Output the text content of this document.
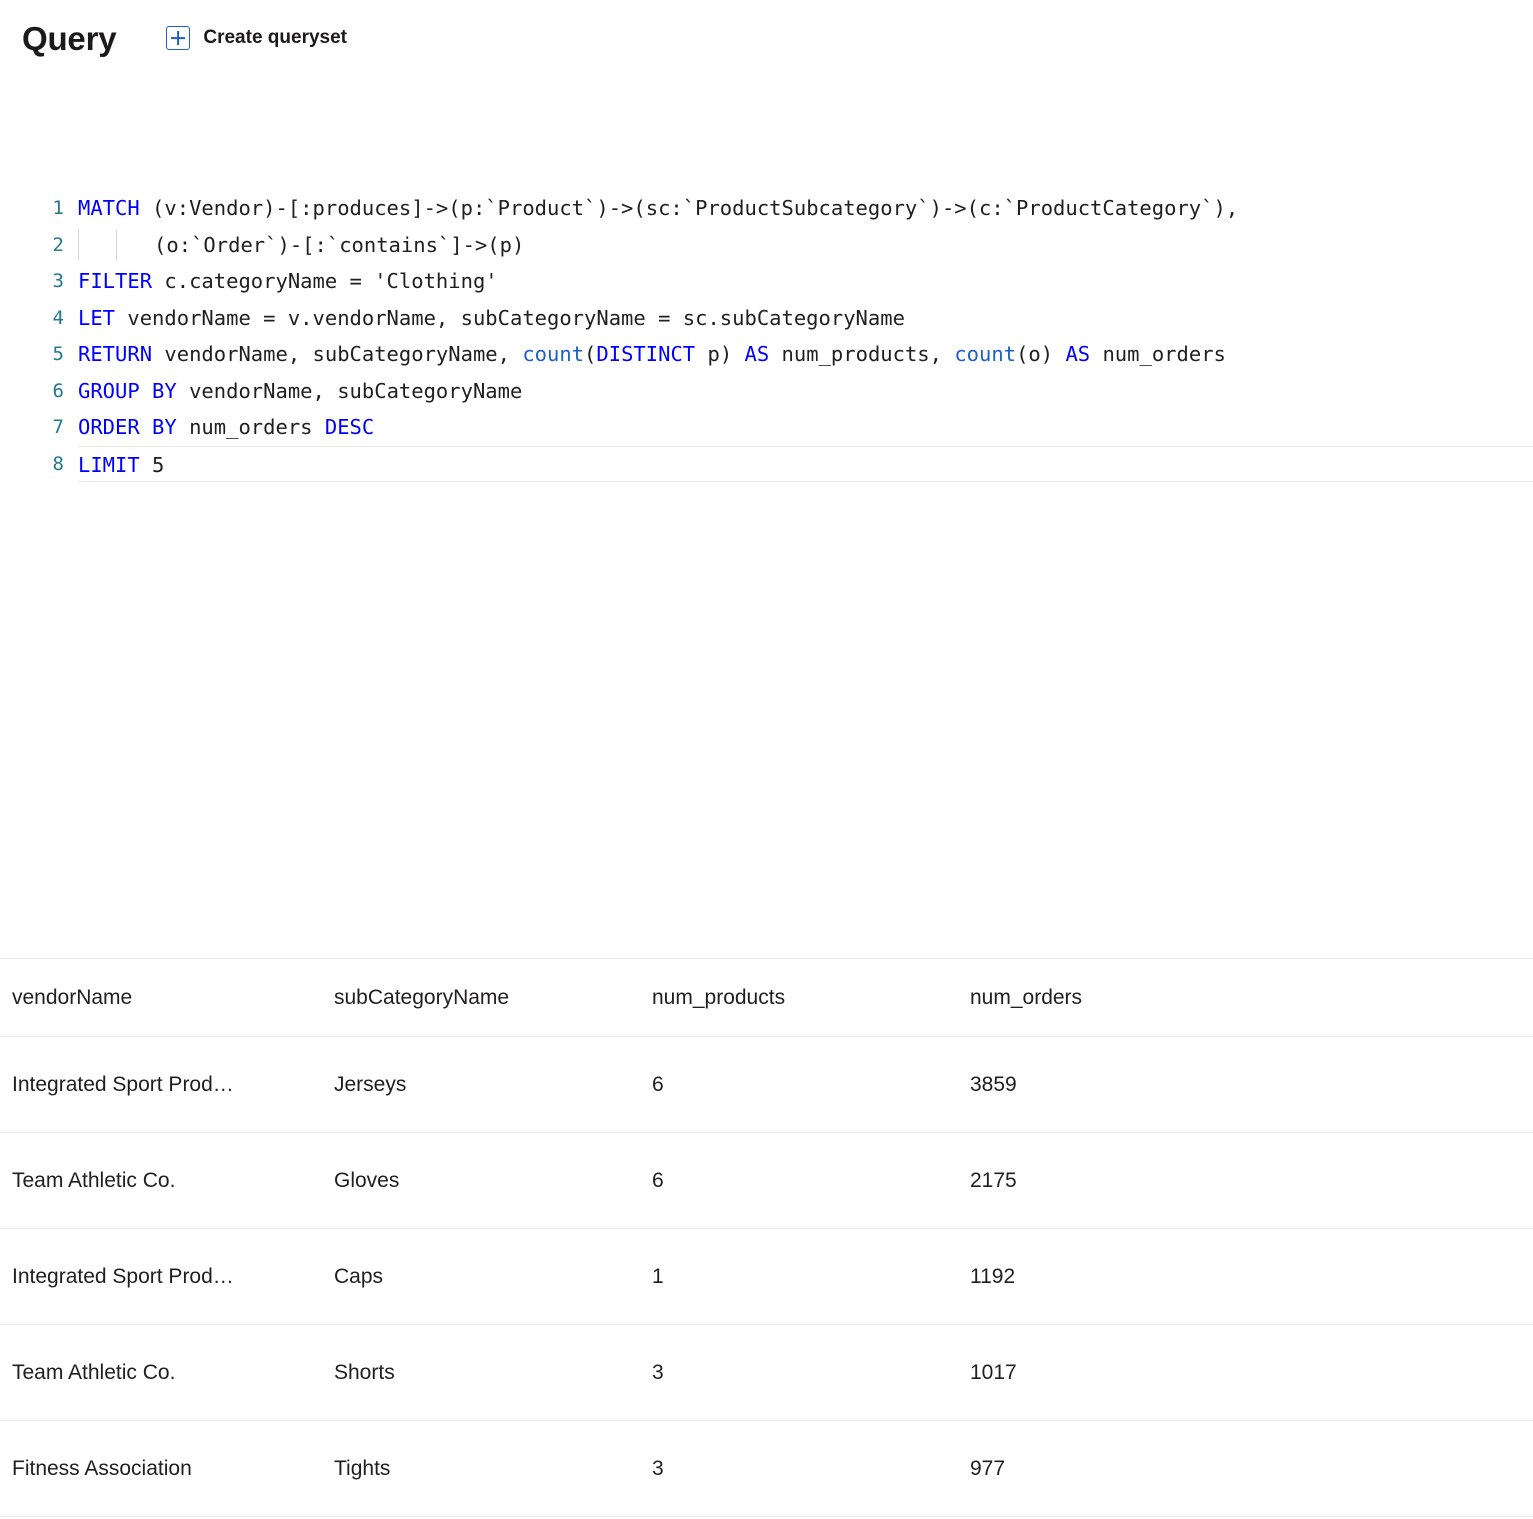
Query	Create queryset
1 MATCH (v:Vendor)-[:produces]->(p:`Product`)->(sc:`ProductSubcategory`)->(c:`ProductCategory`),
2	(o:`Order`)-[:`contains`]->(p)
3 FILTER c.categoryName = 'Clothing'
4 LET vendorName = v.vendorName, subCategoryName = sc.subCategoryName
5 RETURN vendorName, subCategoryName, count(DISTINCT p) AS num_products, count(o) AS num_orders
6 GROUP BY vendorName, subCategoryName
7 ORDER BY num_orders DESC
8 LIMIT 5
vendorName	subCategoryName	num_products	num_orders
Integrated Sport Prod…	Jerseys	6	3859
Team Athletic Co.	Gloves	6	2175
Integrated Sport Prod…	Caps	1	1192
Team Athletic Co.	Shorts	3	1017
Fitness Association	Tights	3	977
